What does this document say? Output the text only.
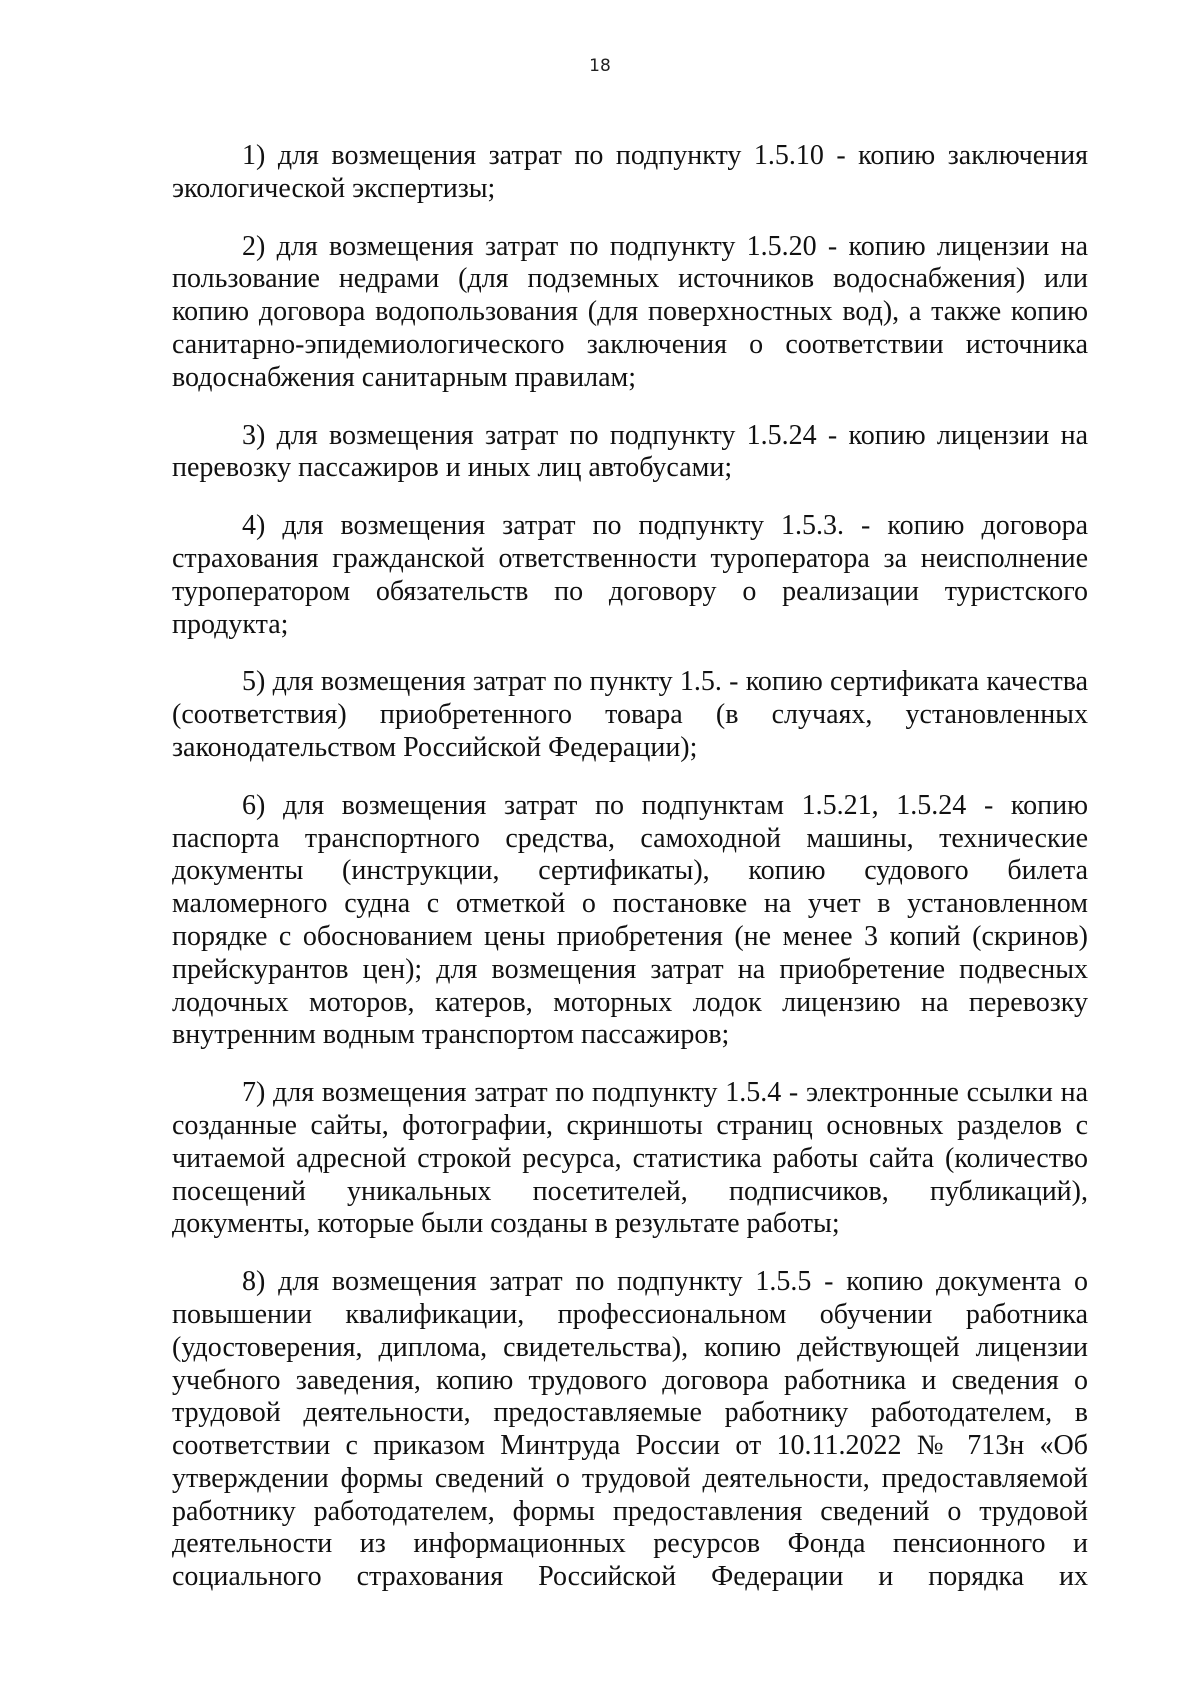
18

1) для возмещения затрат по подпункту 1.5.10 - копию заключения экологической экспертизы;

2) для возмещения затрат по подпункту 1.5.20 - копию лицензии на пользование недрами (для подземных источников водоснабжения) или копию договора водопользования (для поверхностных вод), а также копию санитарно-эпидемиологического заключения о соответствии источника водоснабжения санитарным правилам;

3) для возмещения затрат по подпункту 1.5.24 - копию лицензии на перевозку пассажиров и иных лиц автобусами;

4) для возмещения затрат по подпункту 1.5.3. - копию договора страхования гражданской ответственности туроператора за неисполнение туроператором обязательств по договору о реализации туристского продукта;

5) для возмещения затрат по пункту 1.5. - копию сертификата качества (соответствия) приобретенного товара (в случаях, установленных законодательством Российской Федерации);

6) для возмещения затрат по подпунктам 1.5.21, 1.5.24 - копию паспорта транспортного средства, самоходной машины, технические документы (инструкции, сертификаты), копию судового билета маломерного судна с отметкой о постановке на учет в установленном порядке с обоснованием цены приобретения (не менее 3 копий (скринов) прейскурантов цен); для возмещения затрат на приобретение подвесных лодочных моторов, катеров, моторных лодок лицензию на перевозку внутренним водным транспортом пассажиров;

7) для возмещения затрат по подпункту 1.5.4 - электронные ссылки на созданные сайты, фотографии, скриншоты страниц основных разделов с читаемой адресной строкой ресурса, статистика работы сайта (количество посещений уникальных посетителей, подписчиков, публикаций), документы, которые были созданы в результате работы;

8) для возмещения затрат по подпункту 1.5.5 - копию документа о повышении квалификации, профессиональном обучении работника (удостоверения, диплома, свидетельства), копию действующей лицензии учебного заведения, копию трудового договора работника и сведения о трудовой деятельности, предоставляемые работнику работодателем, в соответствии с приказом Минтруда России от 10.11.2022 № 713н «Об утверждении формы сведений о трудовой деятельности, предоставляемой работнику работодателем, формы предоставления сведений о трудовой деятельности из информационных ресурсов Фонда пенсионного и социального страхования Российской Федерации и порядка их
